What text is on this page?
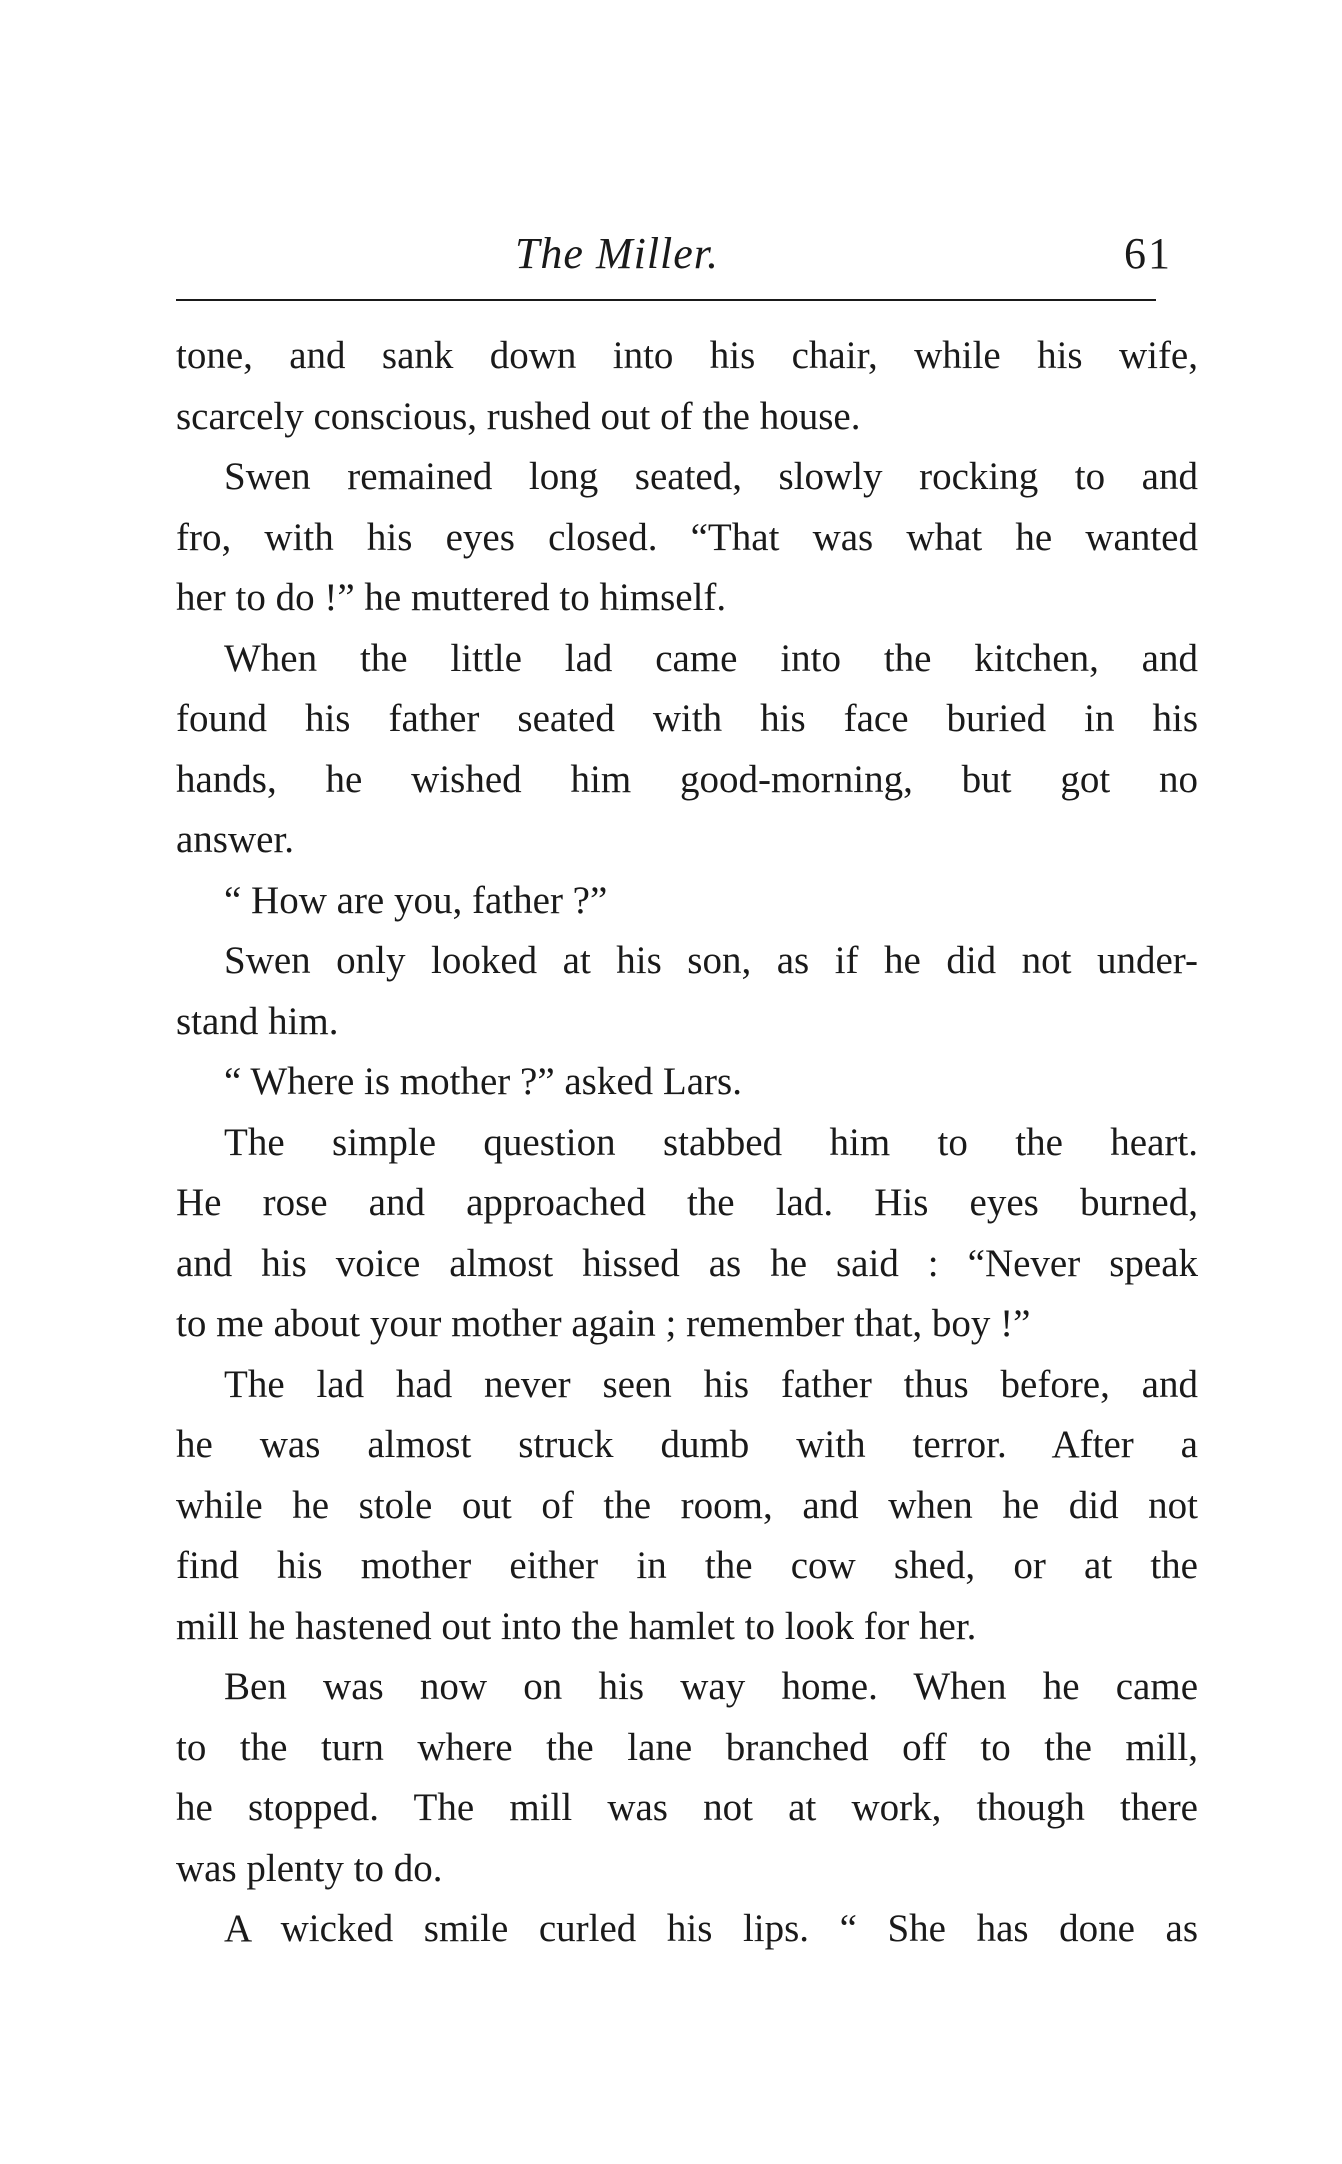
The Miller.	61
tone, and sank down into his chair, while his wife,
scarcely conscious, rushed out of the house.
Swen remained long seated, slowly rocking to and
fro, with his eyes closed. “That was what he wanted
her to do !” he muttered to himself.
When the little lad came into the kitchen, and
found his father seated with his face buried in his
hands, he wished him good-morning, but got no
answer.
“ How are you, father ?”
Swen only looked at his son, as if he did not under-
stand him.
“ Where is mother ?” asked Lars.
The simple question stabbed him to the heart.
He rose and approached the lad. His eyes burned,
and his voice almost hissed as he said : “Never speak
to me about your mother again ; remember that, boy !”
The lad had never seen his father thus before, and
he was almost struck dumb with terror. After a
while he stole out of the room, and when he did not
find his mother either in the cow shed, or at the
mill he hastened out into the hamlet to look for her.
Ben was now on his way home. When he came
to the turn where the lane branched off to the mill,
he stopped. The mill was not at work, though there
was plenty to do.
A wicked smile curled his lips. “ She has done as
